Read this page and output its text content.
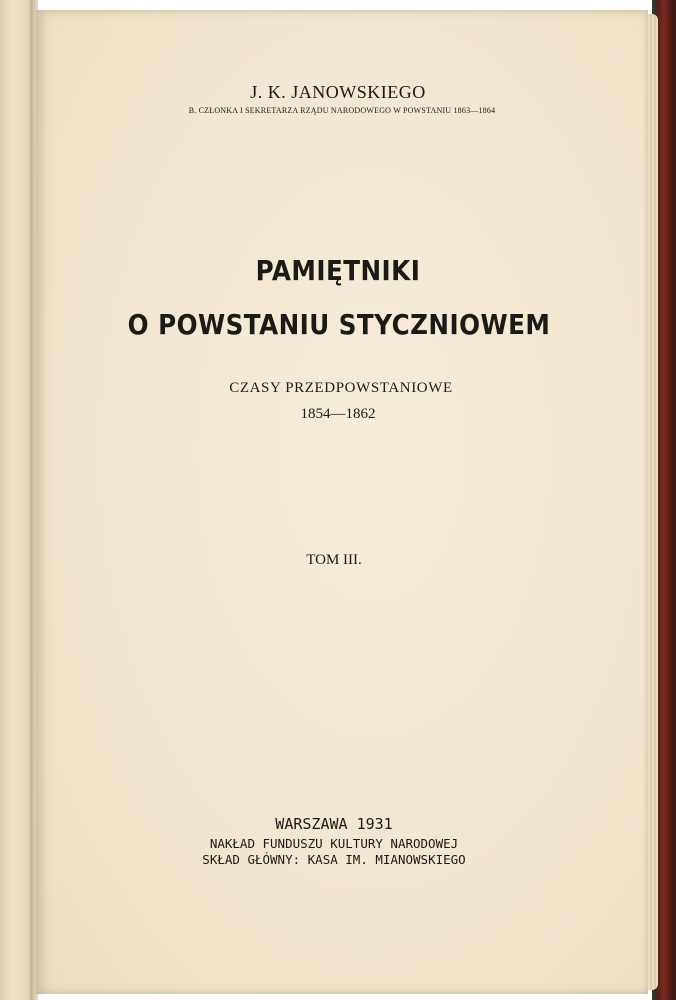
J. K. JANOWSKIEGO
B. CZŁONKA I SEKRETARZA RZĄDU NARODOWEGO W POWSTANIU 1863—1864
PAMIĘTNIKI
O POWSTANIU STYCZNIOWEM
CZASY PRZEDPOWSTANIOWE
1854—1862
TOM III.
WARSZAWA 1931
NAKŁAD FUNDUSZU KULTURY NARODOWEJ
SKŁAD GŁÓWNY: KASA IM. MIANOWSKIEGO
